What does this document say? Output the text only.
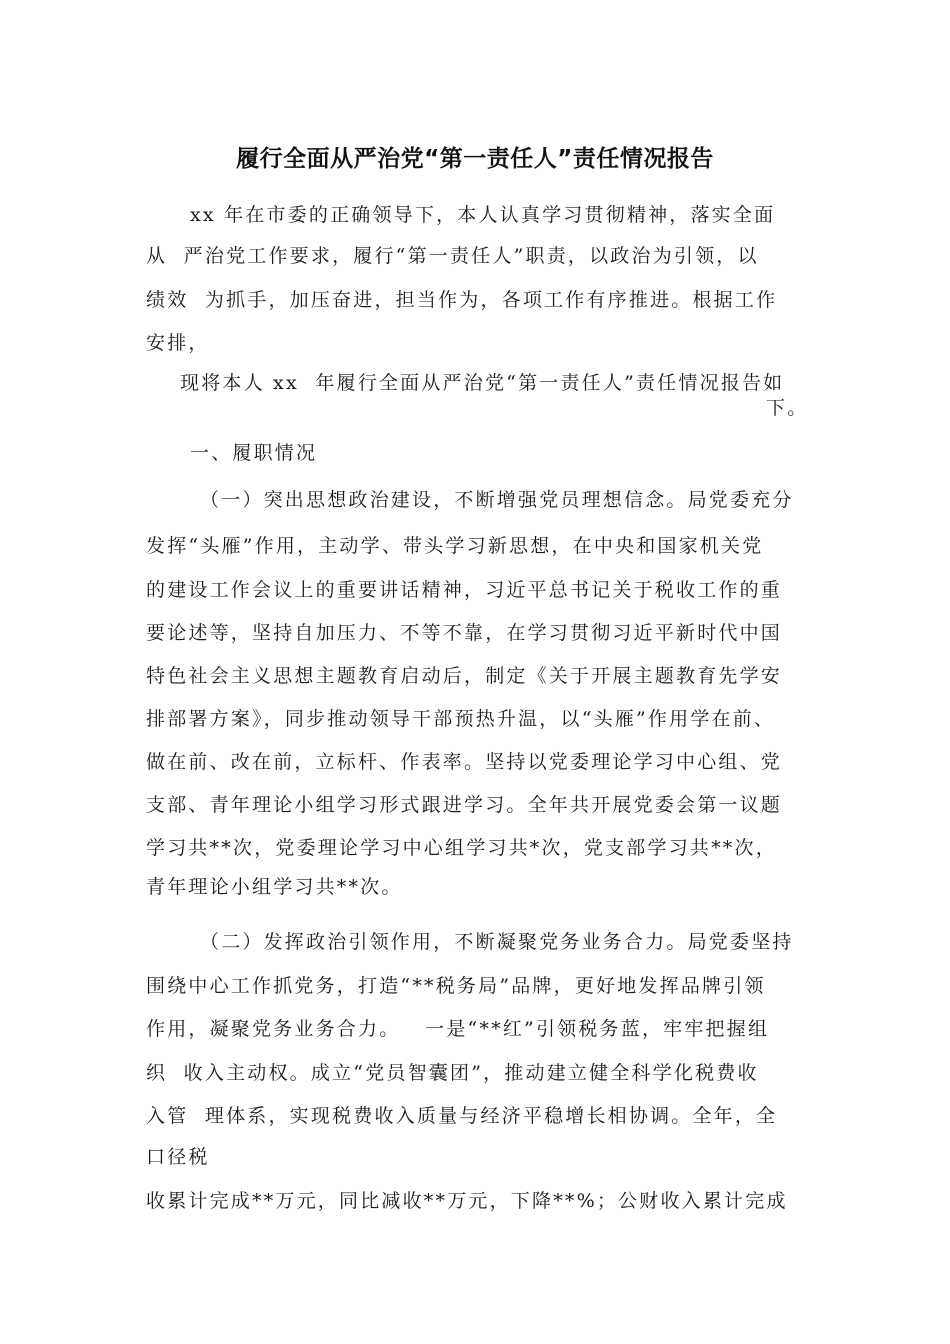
履行全面从严治党“第一责任人”责任情况报告
xx 年在市委的正确领导下，本人认真学习贯彻精神，落实全面
从  严治党工作要求，履行“第一责任人”职责，以政治为引领，以
绩效  为抓手，加压奋进，担当作为，各项工作有序推进。根据工作
安排，
现将本人 xx  年履行全面从严治党“第一责任人”责任情况报告如
下。
一、履职情况
（一）突出思想政治建设，不断增强党员理想信念。局党委充分
发挥“头雁”作用，主动学、带头学习新思想，在中央和国家机关党
的建设工作会议上的重要讲话精神，习近平总书记关于税收工作的重
要论述等，坚持自加压力、不等不靠，在学习贯彻习近平新时代中国
特色社会主义思想主题教育启动后，制定《关于开展主题教育先学安
排部署方案》，同步推动领导干部预热升温，以“头雁”作用学在前、
做在前、改在前，立标杆、作表率。坚持以党委理论学习中心组、党
支部、青年理论小组学习形式跟进学习。全年共开展党委会第一议题
学习共**次，党委理论学习中心组学习共*次，党支部学习共**次，
青年理论小组学习共**次。
（二）发挥政治引领作用，不断凝聚党务业务合力。局党委坚持
围绕中心工作抓党务，打造“**税务局”品牌，更好地发挥品牌引领
作用，凝聚党务业务合力。   一是“**红”引领税务蓝，牢牢把握组
织  收入主动权。成立“党员智囊团”，推动建立健全科学化税费收
入管  理体系，实现税费收入质量与经济平稳增长相协调。全年，全
口径税
收累计完成**万元，同比减收**万元，下降**%；公财收入累计完成
